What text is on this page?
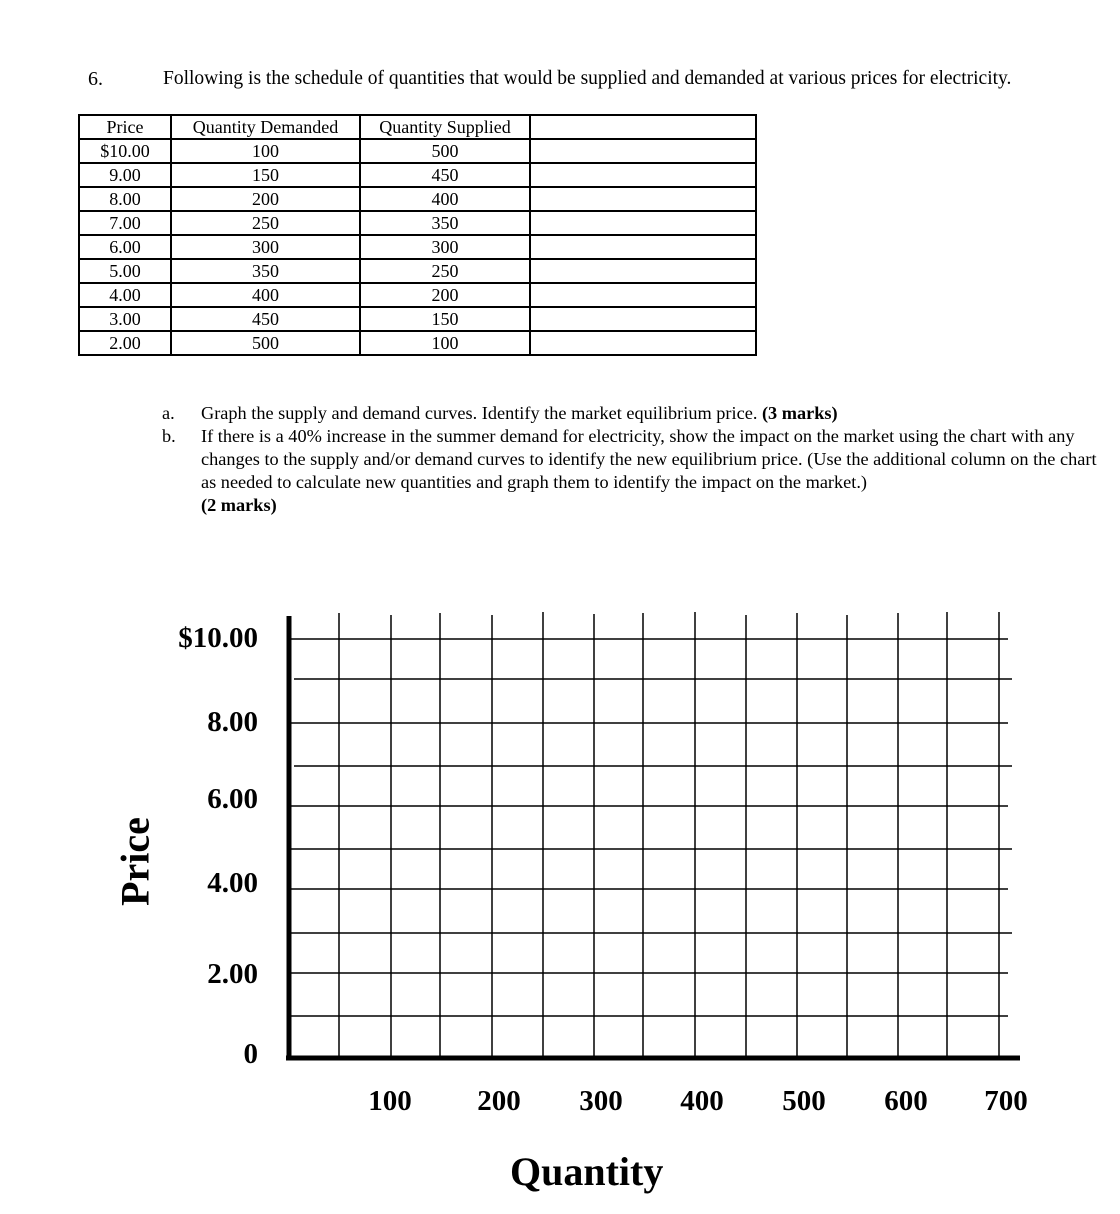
6.	Following is the schedule of quantities that would be supplied and demanded at various prices for electricity.
Price	Quantity Demanded	Quantity Supplied	
$10.00	100	500	
9.00	150	450	
8.00	200	400	
7.00	250	350	
6.00	300	300	
5.00	350	250	
4.00	400	200	
3.00	450	150	
2.00	500	100	
a. Graph the supply and demand curves. Identify the market equilibrium price. (3 marks)
b. If there is a 40% increase in the summer demand for electricity, show the impact on the market using the chart with any changes to the supply and/or demand curves to identify the new equilibrium price. (Use the additional column on the chart as needed to calculate new quantities and graph them to identify the impact on the market.)
(2 marks)
$10.00
8.00
6.00
4.00
2.00
0
100	200	300	400	500	600	700
Price
Quantity
